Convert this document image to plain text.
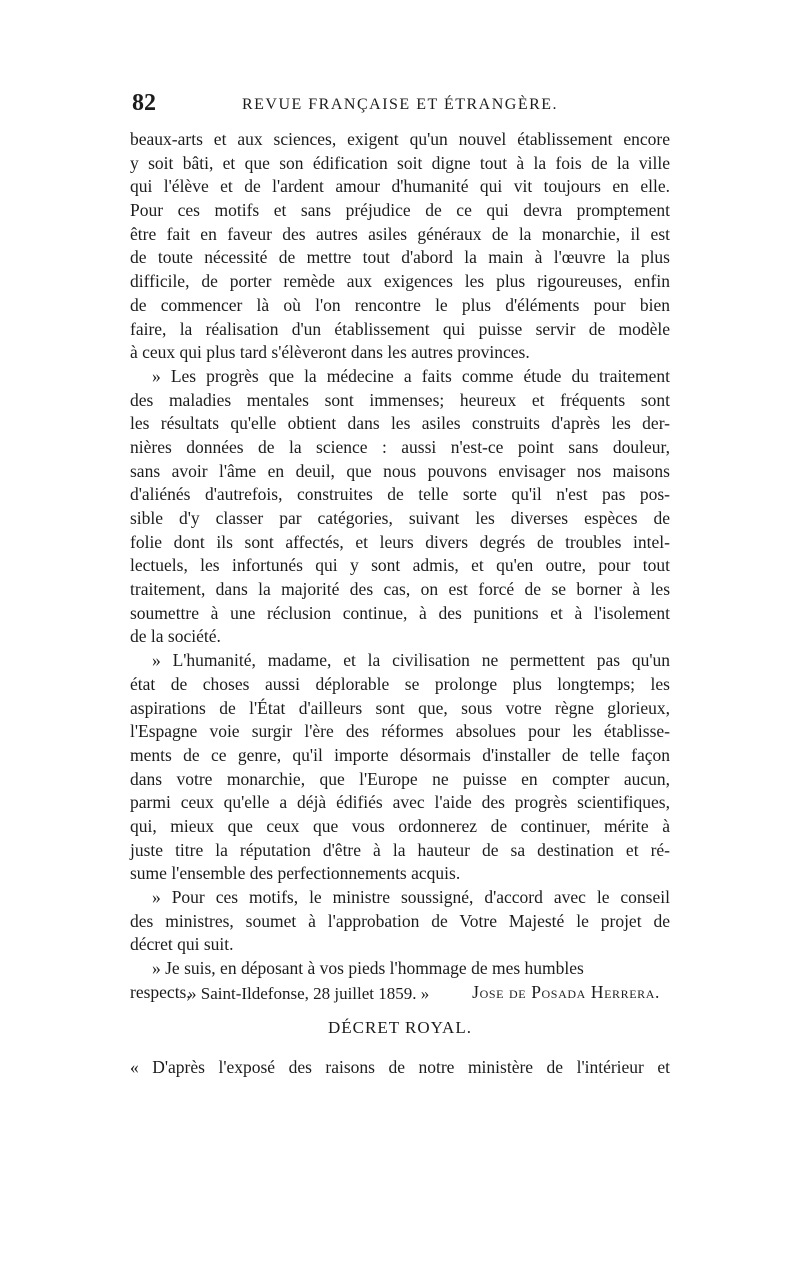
82	REVUE FRANÇAISE ET ÉTRANGÈRE.
beaux-arts et aux sciences, exigent qu'un nouvel établissement encore
y soit bâti, et que son édification soit digne tout à la fois de la ville
qui l'élève et de l'ardent amour d'humanité qui vit toujours en elle.
Pour ces motifs et sans préjudice de ce qui devra promptement
être fait en faveur des autres asiles généraux de la monarchie, il est
de toute nécessité de mettre tout d'abord la main à l'œuvre la plus
difficile, de porter remède aux exigences les plus rigoureuses, enfin
de commencer là où l'on rencontre le plus d'éléments pour bien
faire, la réalisation d'un établissement qui puisse servir de modèle
à ceux qui plus tard s'élèveront dans les autres provinces.
» Les progrès que la médecine a faits comme étude du traitement
des maladies mentales sont immenses; heureux et fréquents sont
les résultats qu'elle obtient dans les asiles construits d'après les der-
nières données de la science : aussi n'est-ce point sans douleur,
sans avoir l'âme en deuil, que nous pouvons envisager nos maisons
d'aliénés d'autrefois, construites de telle sorte qu'il n'est pas pos-
sible d'y classer par catégories, suivant les diverses espèces de
folie dont ils sont affectés, et leurs divers degrés de troubles intel-
lectuels, les infortunés qui y sont admis, et qu'en outre, pour tout
traitement, dans la majorité des cas, on est forcé de se borner à les
soumettre à une réclusion continue, à des punitions et à l'isolement
de la société.
» L'humanité, madame, et la civilisation ne permettent pas qu'un
état de choses aussi déplorable se prolonge plus longtemps; les
aspirations de l'État d'ailleurs sont que, sous votre règne glorieux,
l'Espagne voie surgir l'ère des réformes absolues pour les établisse-
ments de ce genre, qu'il importe désormais d'installer de telle façon
dans votre monarchie, que l'Europe ne puisse en compter aucun,
parmi ceux qu'elle a déjà édifiés avec l'aide des progrès scientifiques,
qui, mieux que ceux que vous ordonnerez de continuer, mérite à
juste titre la réputation d'être à la hauteur de sa destination et ré-
sume l'ensemble des perfectionnements acquis.
» Pour ces motifs, le ministre soussigné, d'accord avec le conseil
des ministres, soumet à l'approbation de Votre Majesté le projet de
décret qui suit.
» Je suis, en déposant à vos pieds l'hommage de mes humbles
respects,	Jose de Posada Herrera.
» Saint-Ildefonse, 28 juillet 1859. »
DÉCRET ROYAL.
« D'après l'exposé des raisons de notre ministère de l'intérieur et
